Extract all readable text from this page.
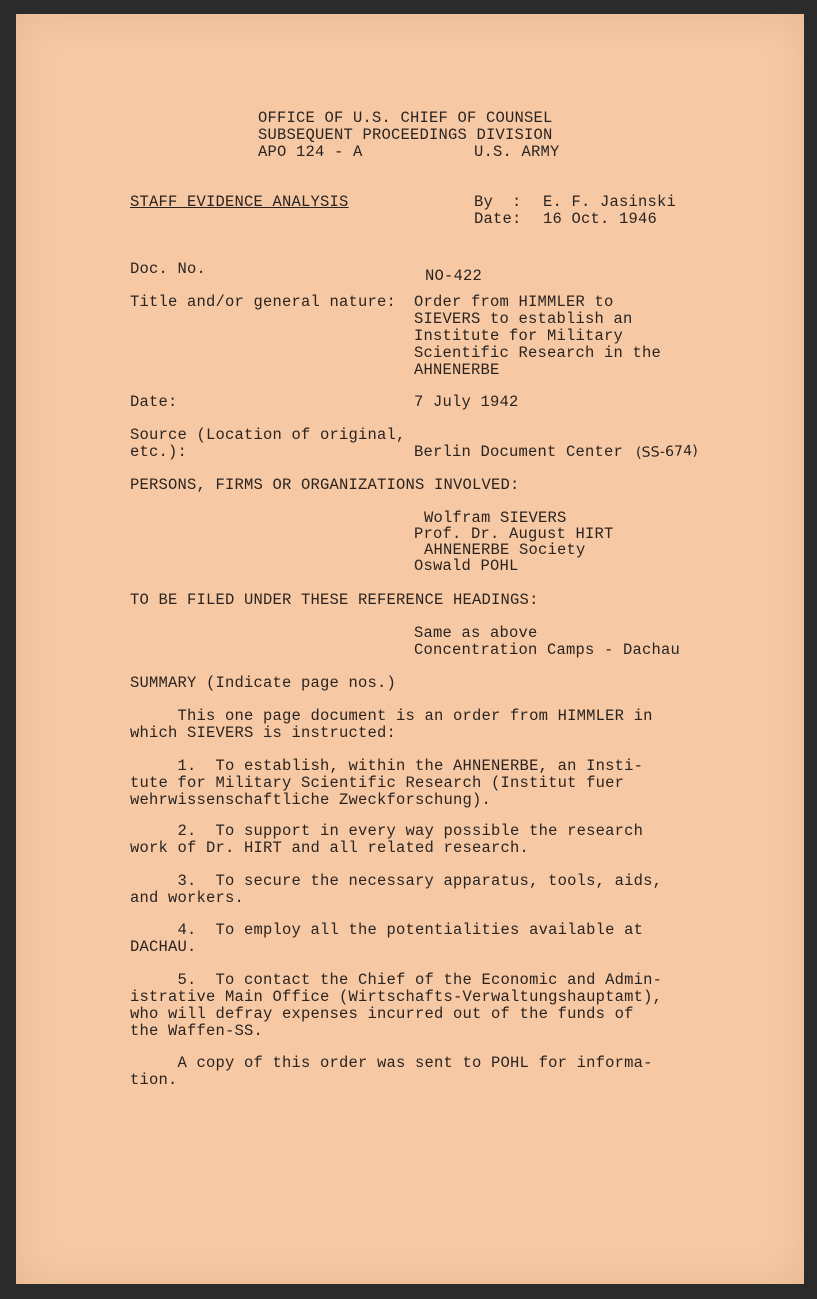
OFFICE OF U.S. CHIEF OF COUNSEL
SUBSEQUENT PROCEEDINGS DIVISION
APO 124 - A	U.S. ARMY
STAFF EVIDENCE ANALYSIS	By  : E. F. Jasinski
Date: 16 Oct. 1946
Doc. No.	NO-422
Title and/or general nature: Order from HIMMLER to
SIEVERS to establish an
Institute for Military
Scientific Research in the
AHNENERBE
Date:	7 July 1942
Source (Location of original,
etc.):	Berlin Document Center (SS-674)
PERSONS, FIRMS OR ORGANIZATIONS INVOLVED:
Wolfram SIEVERS
Prof. Dr. August HIRT
AHNENERBE Society
Oswald POHL
TO BE FILED UNDER THESE REFERENCE HEADINGS:
Same as above
Concentration Camps - Dachau
SUMMARY (Indicate page nos.)
This one page document is an order from HIMMLER in
which SIEVERS is instructed:
1.  To establish, within the AHNENERBE, an Insti-
tute for Military Scientific Research (Institut fuer
wehrwissenschaftliche Zweckforschung).
2.  To support in every way possible the research
work of Dr. HIRT and all related research.
3.  To secure the necessary apparatus, tools, aids,
and workers.
4.  To employ all the potentialities available at
DACHAU.
5.  To contact the Chief of the Economic and Admin-
istrative Main Office (Wirtschafts-Verwaltungshauptamt),
who will defray expenses incurred out of the funds of
the Waffen-SS.
A copy of this order was sent to POHL for informa-
tion.
